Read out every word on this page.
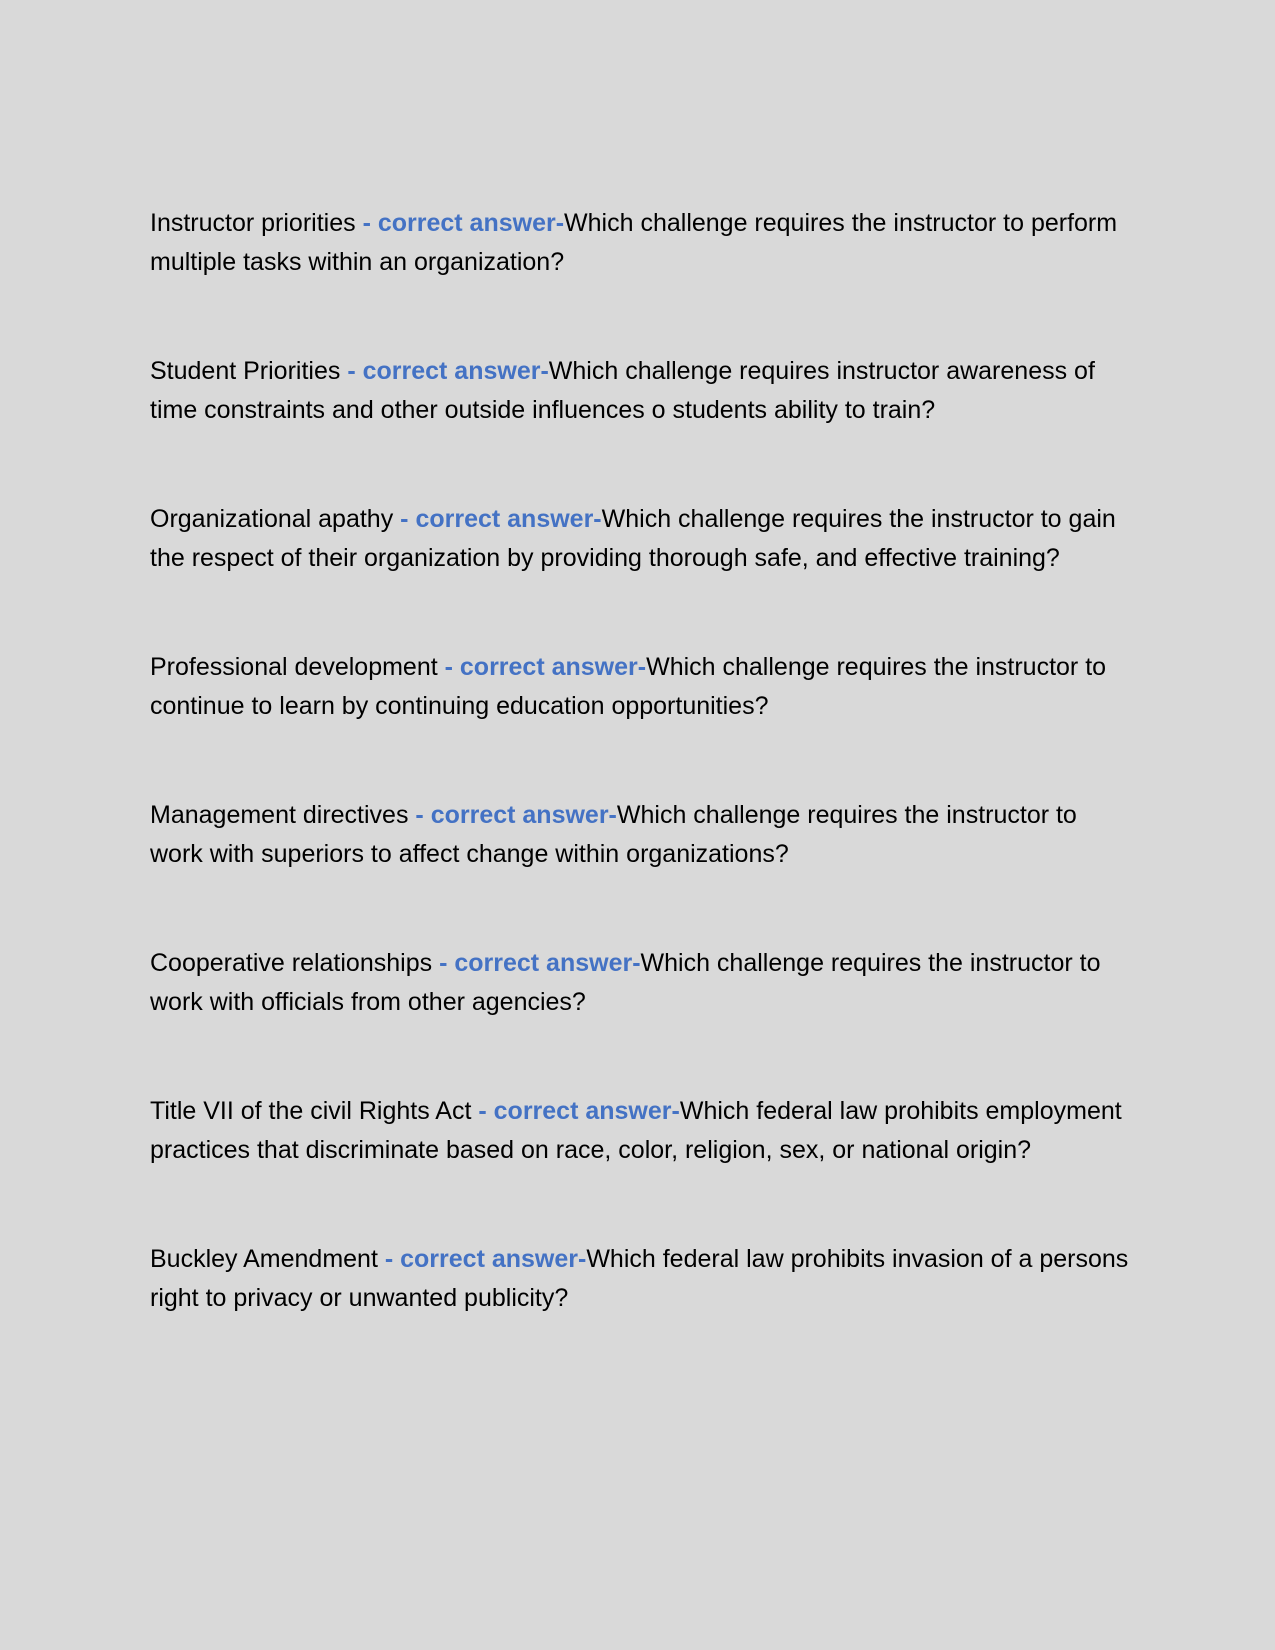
Instructor priorities - correct answer-Which challenge requires the instructor to perform multiple tasks within an organization?

Student Priorities - correct answer-Which challenge requires instructor awareness of time constraints and other outside influences o students ability to train?

Organizational apathy - correct answer-Which challenge requires the instructor to gain the respect of their organization by providing thorough safe, and effective training?

Professional development - correct answer-Which challenge requires the instructor to continue to learn by continuing education opportunities?

Management directives - correct answer-Which challenge requires the instructor to work with superiors to affect change within organizations?

Cooperative relationships - correct answer-Which challenge requires the instructor to work with officials from other agencies?

Title VII of the civil Rights Act - correct answer-Which federal law prohibits employment practices that discriminate based on race, color, religion, sex, or national origin?

Buckley Amendment - correct answer-Which federal law prohibits invasion of a persons right to privacy or unwanted publicity?
